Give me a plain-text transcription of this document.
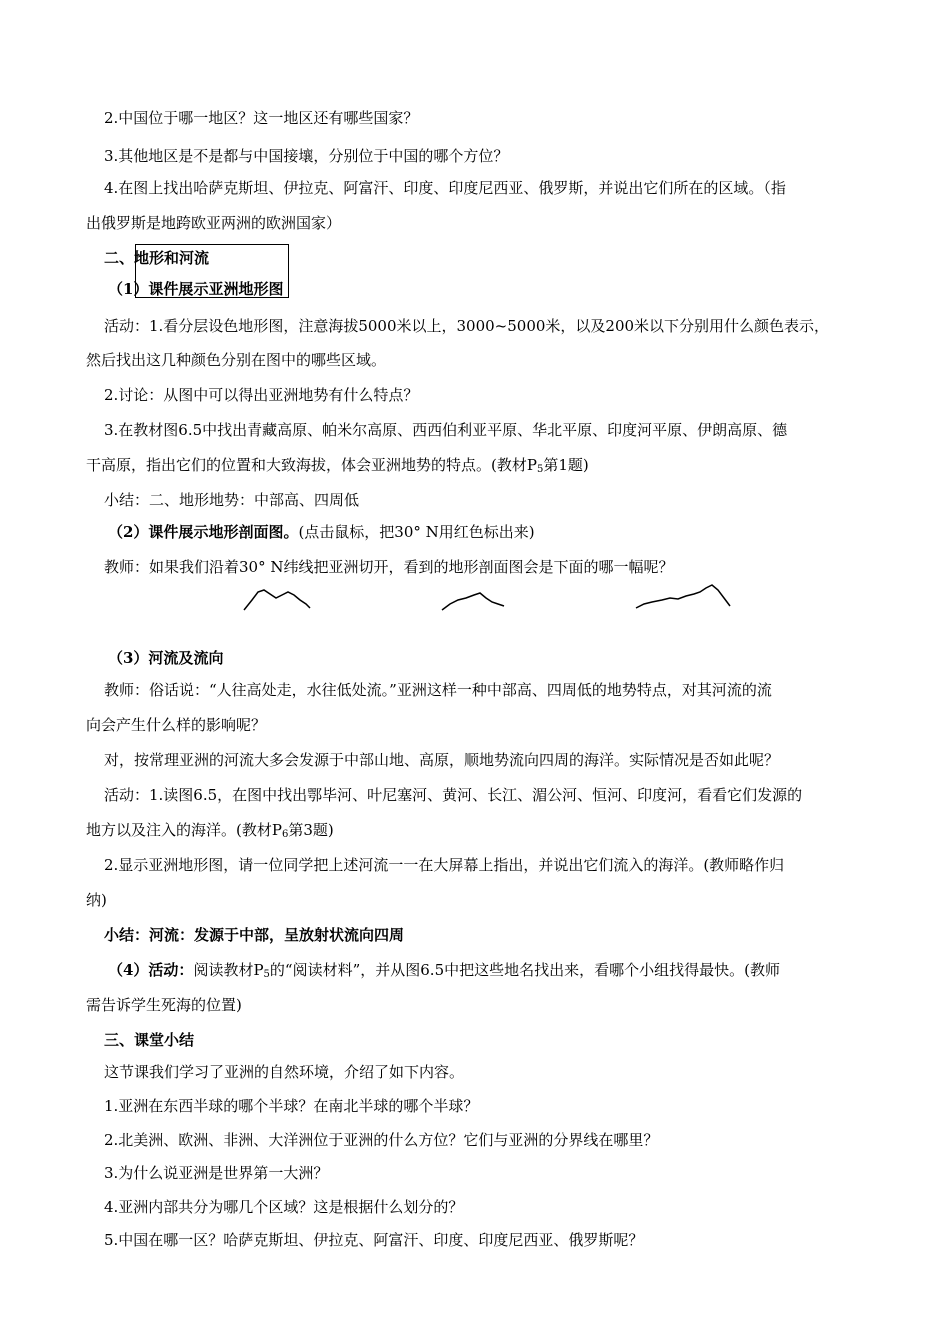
2.中国位于哪一地区？这一地区还有哪些国家？
3.其他地区是不是都与中国接壤，分别位于中国的哪个方位？
4.在图上找出哈萨克斯坦、伊拉克、阿富汗、印度、印度尼西亚、俄罗斯，并说出它们所在的区域。（指
出俄罗斯是地跨欧亚两洲的欧洲国家）
二、地形和河流
（1）课件展示亚洲地形图
活动：1.看分层设色地形图，注意海拔5000米以上，3000~5000米，以及200米以下分别用什么颜色表示，
然后找出这几种颜色分别在图中的哪些区域。
2.讨论：从图中可以得出亚洲地势有什么特点？
3.在教材图6.5中找出青藏高原、帕米尔高原、西西伯利亚平原、华北平原、印度河平原、伊朗高原、德
干高原，指出它们的位置和大致海拔，体会亚洲地势的特点。(教材$P_5$第1题)
小结：二、地形地势：中部高、四周低
（2）课件展示地形剖面图。(点击鼠标，把30° N用红色标出来)
教师：如果我们沿着30° N纬线把亚洲切开，看到的地形剖面图会是下面的哪一幅呢？
（3）河流及流向
教师：俗话说：“人往高处走，水往低处流。”亚洲这样一种中部高、四周低的地势特点，对其河流的流
向会产生什么样的影响呢？
对，按常理亚洲的河流大多会发源于中部山地、高原，顺地势流向四周的海洋。实际情况是否如此呢？
活动：1.读图6.5，在图中找出鄂毕河、叶尼塞河、黄河、长江、湄公河、恒河、印度河，看看它们发源的
地方以及注入的海洋。(教材$P_6$第3题)
2.显示亚洲地形图，请一位同学把上述河流一一在大屏幕上指出，并说出它们流入的海洋。(教师略作归
纳)
小结：河流：发源于中部，呈放射状流向四周
（4）活动：阅读教材$P_5$的“阅读材料”，并从图6.5中把这些地名找出来，看哪个小组找得最快。(教师
需告诉学生死海的位置)
三、课堂小结
这节课我们学习了亚洲的自然环境，介绍了如下内容。
1.亚洲在东西半球的哪个半球？在南北半球的哪个半球？
2.北美洲、欧洲、非洲、大洋洲位于亚洲的什么方位？它们与亚洲的分界线在哪里？
3.为什么说亚洲是世界第一大洲？
4.亚洲内部共分为哪几个区域？这是根据什么划分的？
5.中国在哪一区？哈萨克斯坦、伊拉克、阿富汗、印度、印度尼西亚、俄罗斯呢？
